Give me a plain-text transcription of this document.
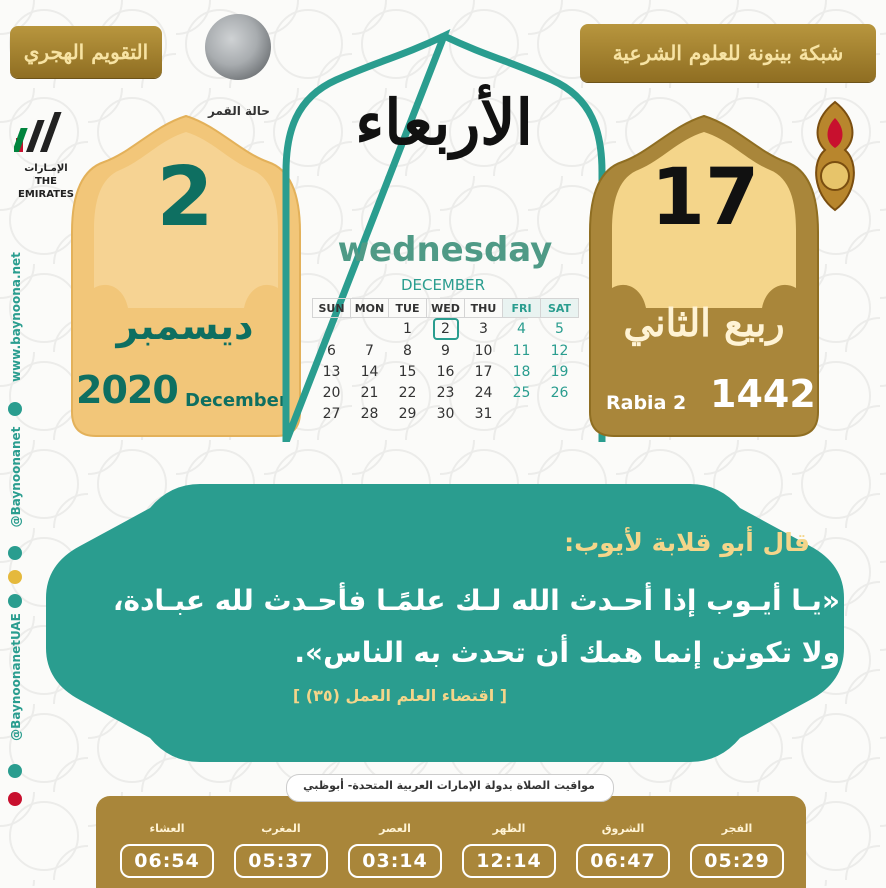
التقويم الهجري
حالة القمر
شبكة بينونة للعلوم الشرعية
الإمـارات
THE EMIRATES	2
ديسمبر
2020 December
الأربعاء
wednesday
DECEMBER
SUN	MON	TUE	WED	THU	FRI	SAT
		1	2	3	4	5
6	7	8	9	10	11	12
13	14	15	16	17	18	19
20	21	22	23	24	25	26
27	28	29	30	31		
17
ربيع الثاني
Rabia 2 1442
قال أبو قلابة لأيوب:
«يـا أيـوب إذا أحـدث الله لـك علمًـا فأحـدث لله عبـادة،
ولا تكونن إنما همك أن تحدث به الناس».
[ اقتضاء العلم العمل (٣٥) ]
مواقيت الصلاة بدولة الإمارات العربية المتحدة- أبوظبي
العشاء
06:54
المغرب
05:37
العصر
03:14
الظهر
12:14
الشروق
06:47
الفجر
05:29
www.baynoona.net
@Baynoonanet
@BaynoonanetUAE
